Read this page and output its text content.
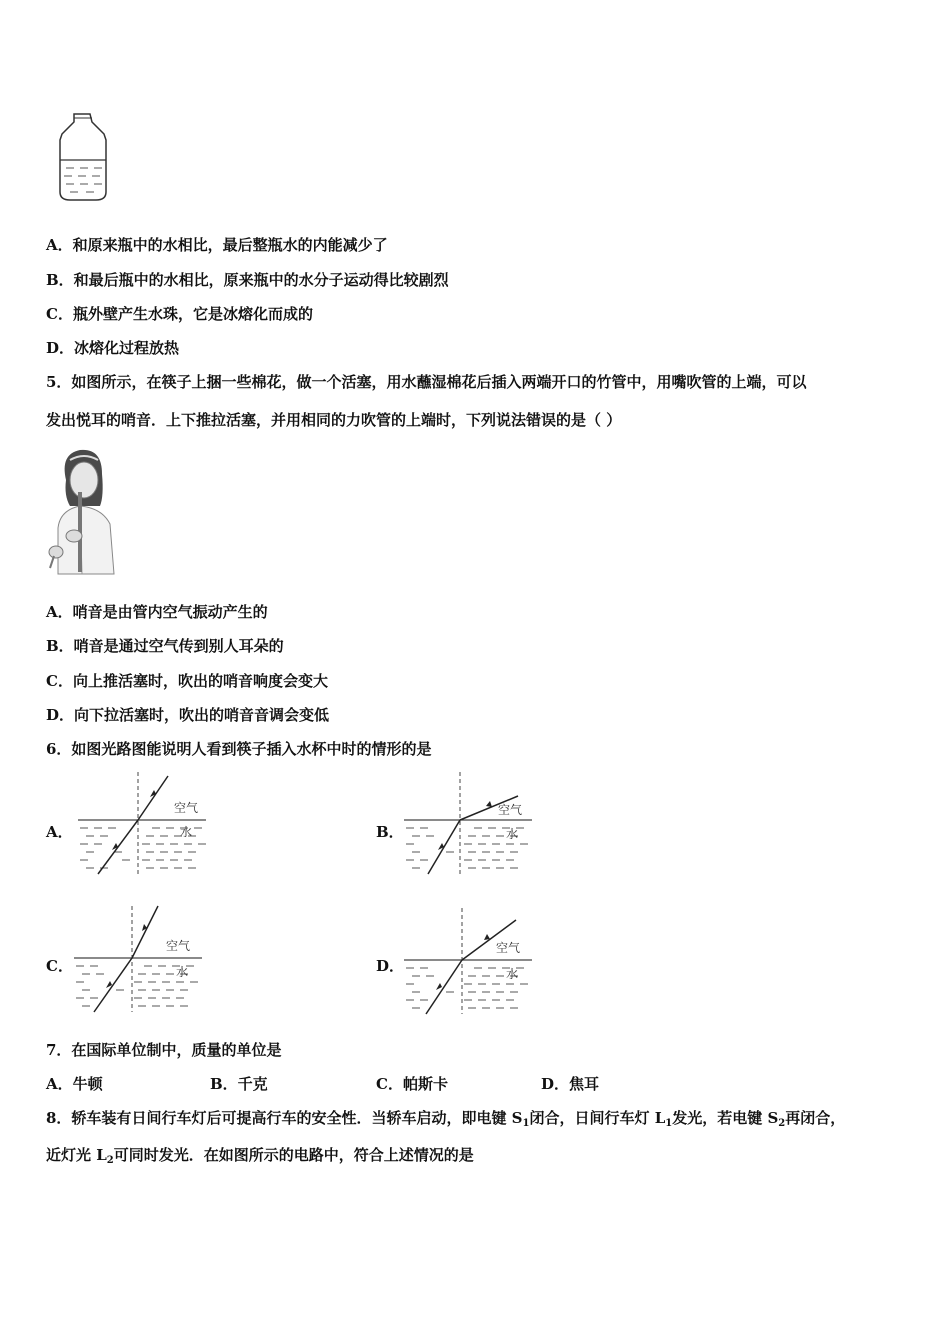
A．和原来瓶中的水相比，最后整瓶水的内能减少了
B．和最后瓶中的水相比，原来瓶中的水分子运动得比较剧烈
C．瓶外壁产生水珠，它是冰熔化而成的
D．冰熔化过程放热
5．如图所示，在筷子上捆一些棉花，做一个活塞，用水蘸湿棉花后插入两端开口的竹管中，用嘴吹管的上端，可以
发出悦耳的哨音．上下推拉活塞，并用相同的力吹管的上端时，下列说法错误的是（ ）
A．哨音是由管内空气振动产生的
B．哨音是通过空气传到别人耳朵的
C．向上推活塞时，吹出的哨音响度会变大
D．向下拉活塞时，吹出的哨音音调会变低
6．如图光路图能说明人看到筷子插入水杯中时的情形的是
A．	B．
C．	D．
空气
水
空气
水
空气
水
空气
水
7．在国际单位制中，质量的单位是
A．牛顿	B．千克	C．帕斯卡	D．焦耳
8．轿车装有日间行车灯后可提高行车的安全性．当轿车启动，即电键 $S_1$闭合，日间行车灯 $L_1$发光，若电键 $S_2$再闭合，
近灯光 $L_2$可同时发光．在如图所示的电路中，符合上述情况的是
